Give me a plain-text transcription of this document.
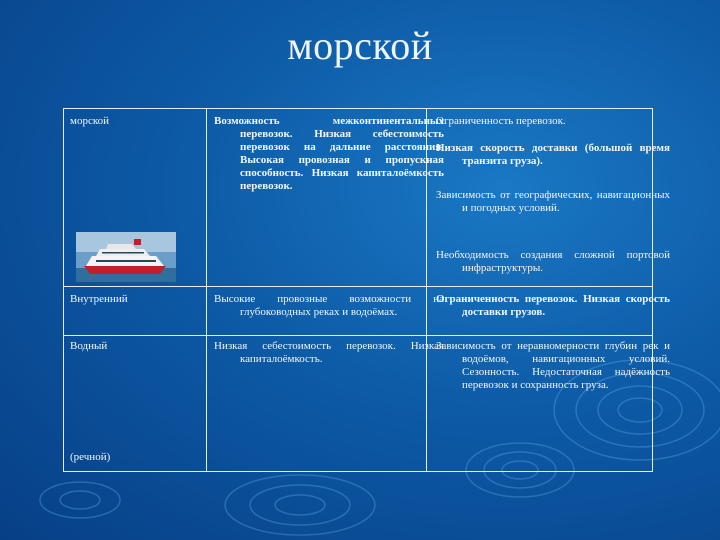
морской
морской	Возможность межконтинентальных перевозок. Низкая себестоимость перевозок на дальние расстояния. Высокая провозная и пропускная способность. Низкая капиталоёмкость перевозок.
Ограниченность перевозок.
Низкая скорость доставки (большой время транзита груза).
Зависимость от географических, навигационных и погодных условий.
Необходимость создания сложной портовой инфраструктуры.
Внутренний	Высокие провозные возможности на глубоководных реках и водоёмах.
Ограниченность перевозок. Низкая скорость доставки грузов.
Водный
(речной)
Низкая себестоимость перевозок. Низкая капиталоёмкость.
Зависимость от неравномерности глубин рек и водоёмов, навигационных условий. Сезонность. Недостаточная надёжность перевозок и сохранность груза.
